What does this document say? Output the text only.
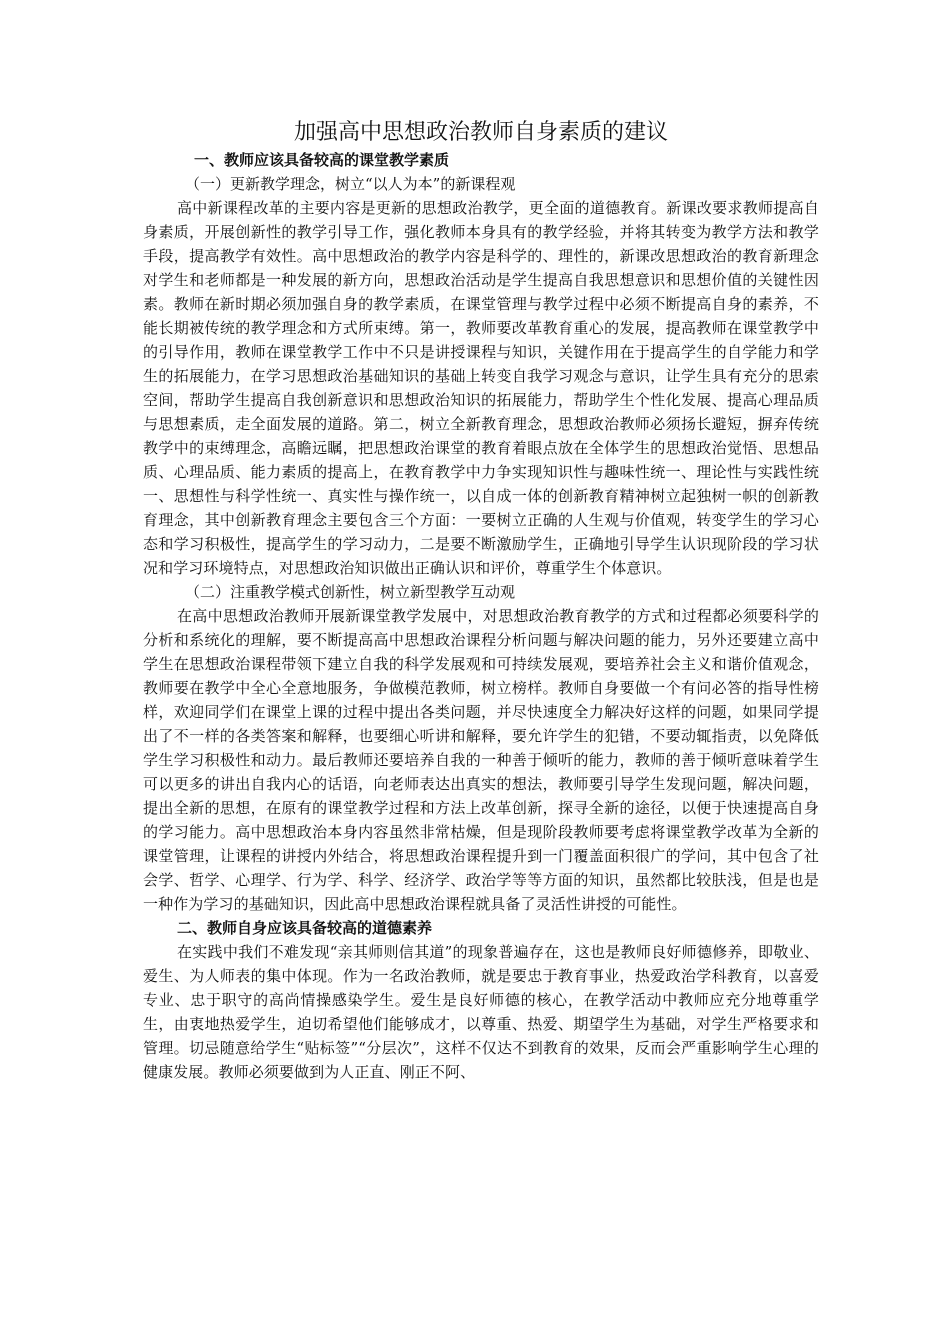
加强高中思想政治教师自身素质的建议

一、教师应该具备较高的课堂教学素质

（一）更新教学理念，树立“以人为本”的新课程观

高中新课程改革的主要内容是更新的思想政治教学，更全面的道德教育。新课改要求教师提高自身素质，开展创新性的教学引导工作，强化教师本身具有的教学经验，并将其转变为教学方法和教学手段，提高教学有效性。高中思想政治的教学内容是科学的、理性的，新课改思想政治的教育新理念对学生和老师都是一种发展的新方向，思想政治活动是学生提高自我思想意识和思想价值的关键性因素。教师在新时期必须加强自身的教学素质，在课堂管理与教学过程中必须不断提高自身的素养，不能长期被传统的教学理念和方式所束缚。第一，教师要改革教育重心的发展，提高教师在课堂教学中的引导作用，教师在课堂教学工作中不只是讲授课程与知识，关键作用在于提高学生的自学能力和学生的拓展能力，在学习思想政治基础知识的基础上转变自我学习观念与意识，让学生具有充分的思索空间，帮助学生提高自我创新意识和思想政治知识的拓展能力，帮助学生个性化发展、提高心理品质与思想素质，走全面发展的道路。第二，树立全新教育理念，思想政治教师必须扬长避短，摒弃传统教学中的束缚理念，高瞻远瞩，把思想政治课堂的教育着眼点放在全体学生的思想政治觉悟、思想品质、心理品质、能力素质的提高上，在教育教学中力争实现知识性与趣味性统一、理论性与实践性统一、思想性与科学性统一、真实性与操作统一，以自成一体的创新教育精神树立起独树一帜的创新教育理念，其中创新教育理念主要包含三个方面：一要树立正确的人生观与价值观，转变学生的学习心态和学习积极性，提高学生的学习动力，二是要不断激励学生，正确地引导学生认识现阶段的学习状况和学习环境特点，对思想政治知识做出正确认识和评价，尊重学生个体意识。

（二）注重教学模式创新性，树立新型教学互动观

在高中思想政治教师开展新课堂教学发展中，对思想政治教育教学的方式和过程都必须要科学的分析和系统化的理解，要不断提高高中思想政治课程分析问题与解决问题的能力，另外还要建立高中学生在思想政治课程带领下建立自我的科学发展观和可持续发展观，要培养社会主义和谐价值观念，教师要在教学中全心全意地服务，争做模范教师，树立榜样。教师自身要做一个有问必答的指导性榜样，欢迎同学们在课堂上课的过程中提出各类问题，并尽快速度全力解决好这样的问题，如果同学提出了不一样的各类答案和解释，也要细心听讲和解释，要允许学生的犯错，不要动辄指责，以免降低学生学习积极性和动力。最后教师还要培养自我的一种善于倾听的能力，教师的善于倾听意味着学生可以更多的讲出自我内心的话语，向老师表达出真实的想法，教师要引导学生发现问题，解决问题，提出全新的思想，在原有的课堂教学过程和方法上改革创新，探寻全新的途径，以便于快速提高自身的学习能力。高中思想政治本身内容虽然非常枯燥，但是现阶段教师要考虑将课堂教学改革为全新的课堂管理，让课程的讲授内外结合，将思想政治课程提升到一门覆盖面积很广的学问，其中包含了社会学、哲学、心理学、行为学、科学、经济学、政治学等等方面的知识，虽然都比较肤浅，但是也是一种作为学习的基础知识，因此高中思想政治课程就具备了灵活性讲授的可能性。

二、教师自身应该具备较高的道德素养

在实践中我们不难发现“亲其师则信其道”的现象普遍存在，这也是教师良好师德修养，即敬业、爱生、为人师表的集中体现。作为一名政治教师，就是要忠于教育事业，热爱政治学科教育，以喜爱专业、忠于职守的高尚情操感染学生。爱生是良好师德的核心，在教学活动中教师应充分地尊重学生，由衷地热爱学生，迫切希望他们能够成才，以尊重、热爱、期望学生为基础，对学生严格要求和管理。切忌随意给学生“贴标签”“分层次”，这样不仅达不到教育的效果，反而会严重影响学生心理的健康发展。教师必须要做到为人正直、刚正不阿、
